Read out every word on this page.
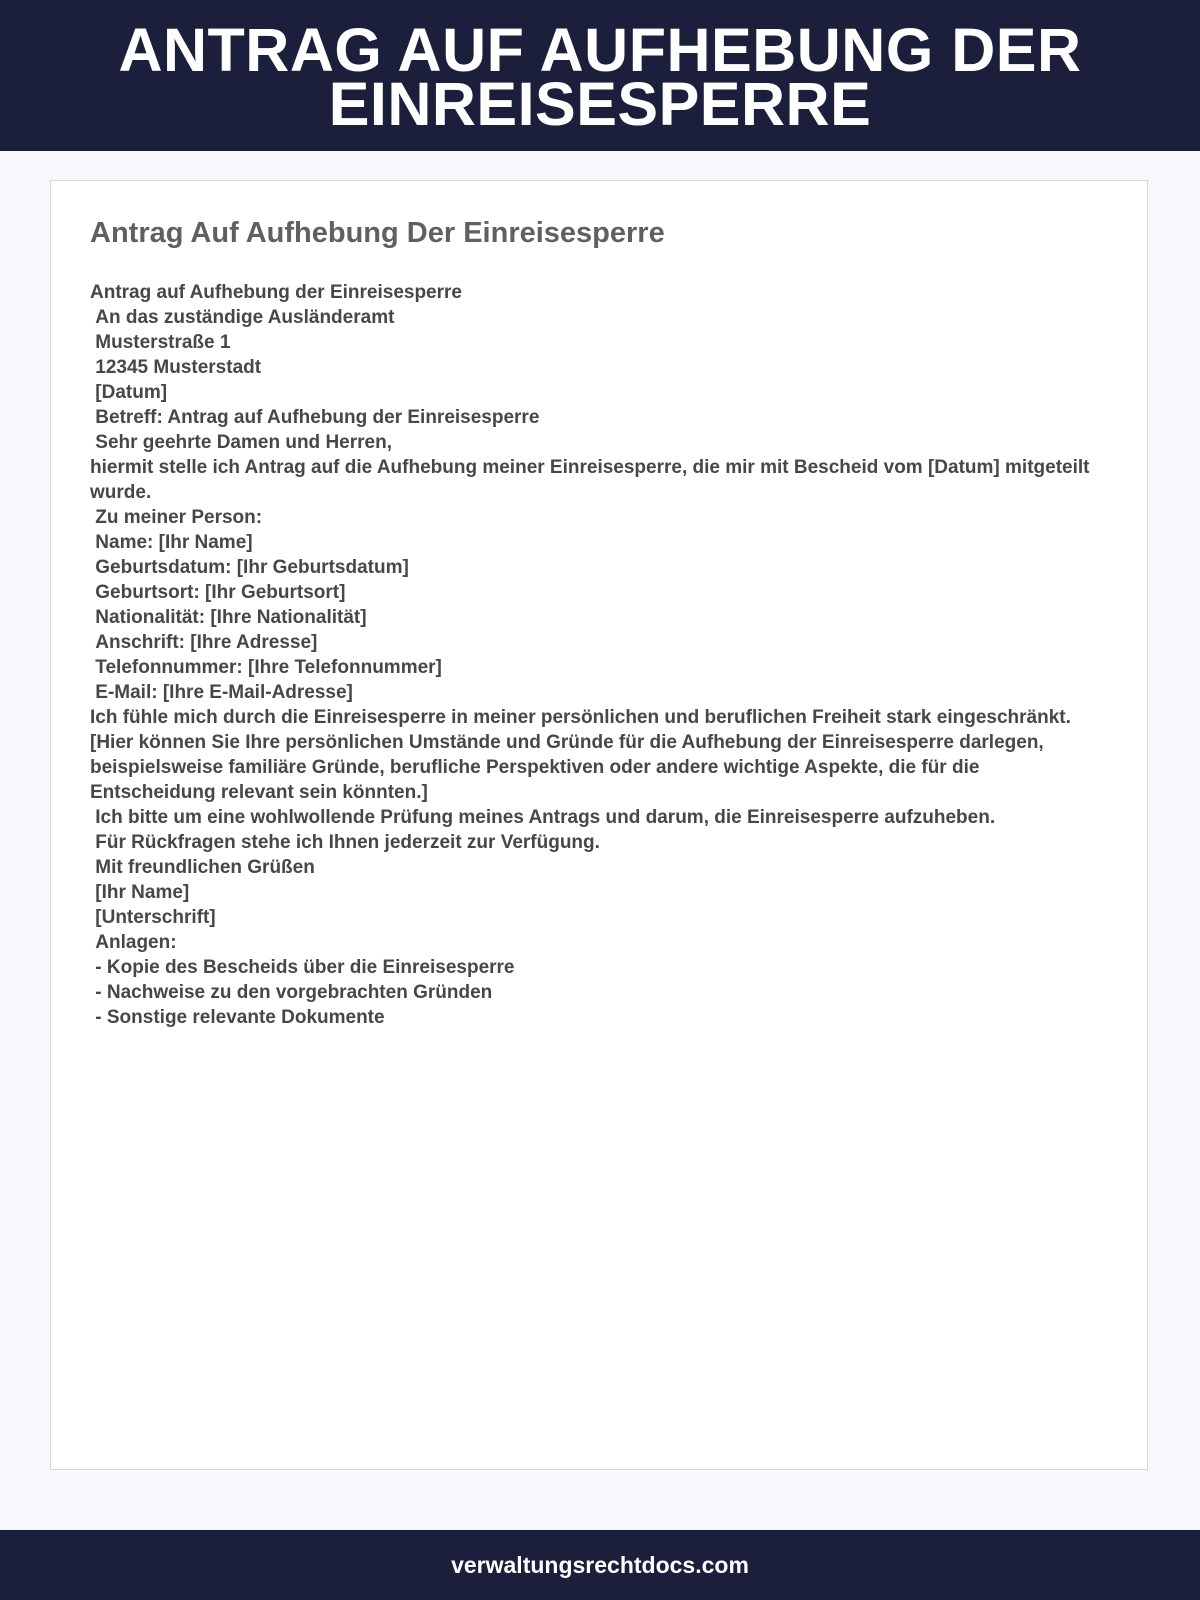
ANTRAG AUF AUFHEBUNG DER EINREISESPERRE
Antrag Auf Aufhebung Der Einreisesperre
Antrag auf Aufhebung der Einreisesperre
An das zuständige Ausländeramt
Musterstraße 1
12345 Musterstadt
[Datum]
Betreff: Antrag auf Aufhebung der Einreisesperre
Sehr geehrte Damen und Herren,
hiermit stelle ich Antrag auf die Aufhebung meiner Einreisesperre, die mir mit Bescheid vom [Datum] mitgeteilt wurde.
Zu meiner Person:
Name: [Ihr Name]
Geburtsdatum: [Ihr Geburtsdatum]
Geburtsort: [Ihr Geburtsort]
Nationalität: [Ihre Nationalität]
Anschrift: [Ihre Adresse]
Telefonnummer: [Ihre Telefonnummer]
E-Mail: [Ihre E-Mail-Adresse]
Ich fühle mich durch die Einreisesperre in meiner persönlichen und beruflichen Freiheit stark eingeschränkt.
[Hier können Sie Ihre persönlichen Umstände und Gründe für die Aufhebung der Einreisesperre darlegen, beispielsweise familiäre Gründe, berufliche Perspektiven oder andere wichtige Aspekte, die für die Entscheidung relevant sein könnten.]
Ich bitte um eine wohlwollende Prüfung meines Antrags und darum, die Einreisesperre aufzuheben.
Für Rückfragen stehe ich Ihnen jederzeit zur Verfügung.
Mit freundlichen Grüßen
[Ihr Name]
[Unterschrift]
Anlagen:
- Kopie des Bescheids über die Einreisesperre
- Nachweise zu den vorgebrachten Gründen
- Sonstige relevante Dokumente
verwaltungsrechtdocs.com
